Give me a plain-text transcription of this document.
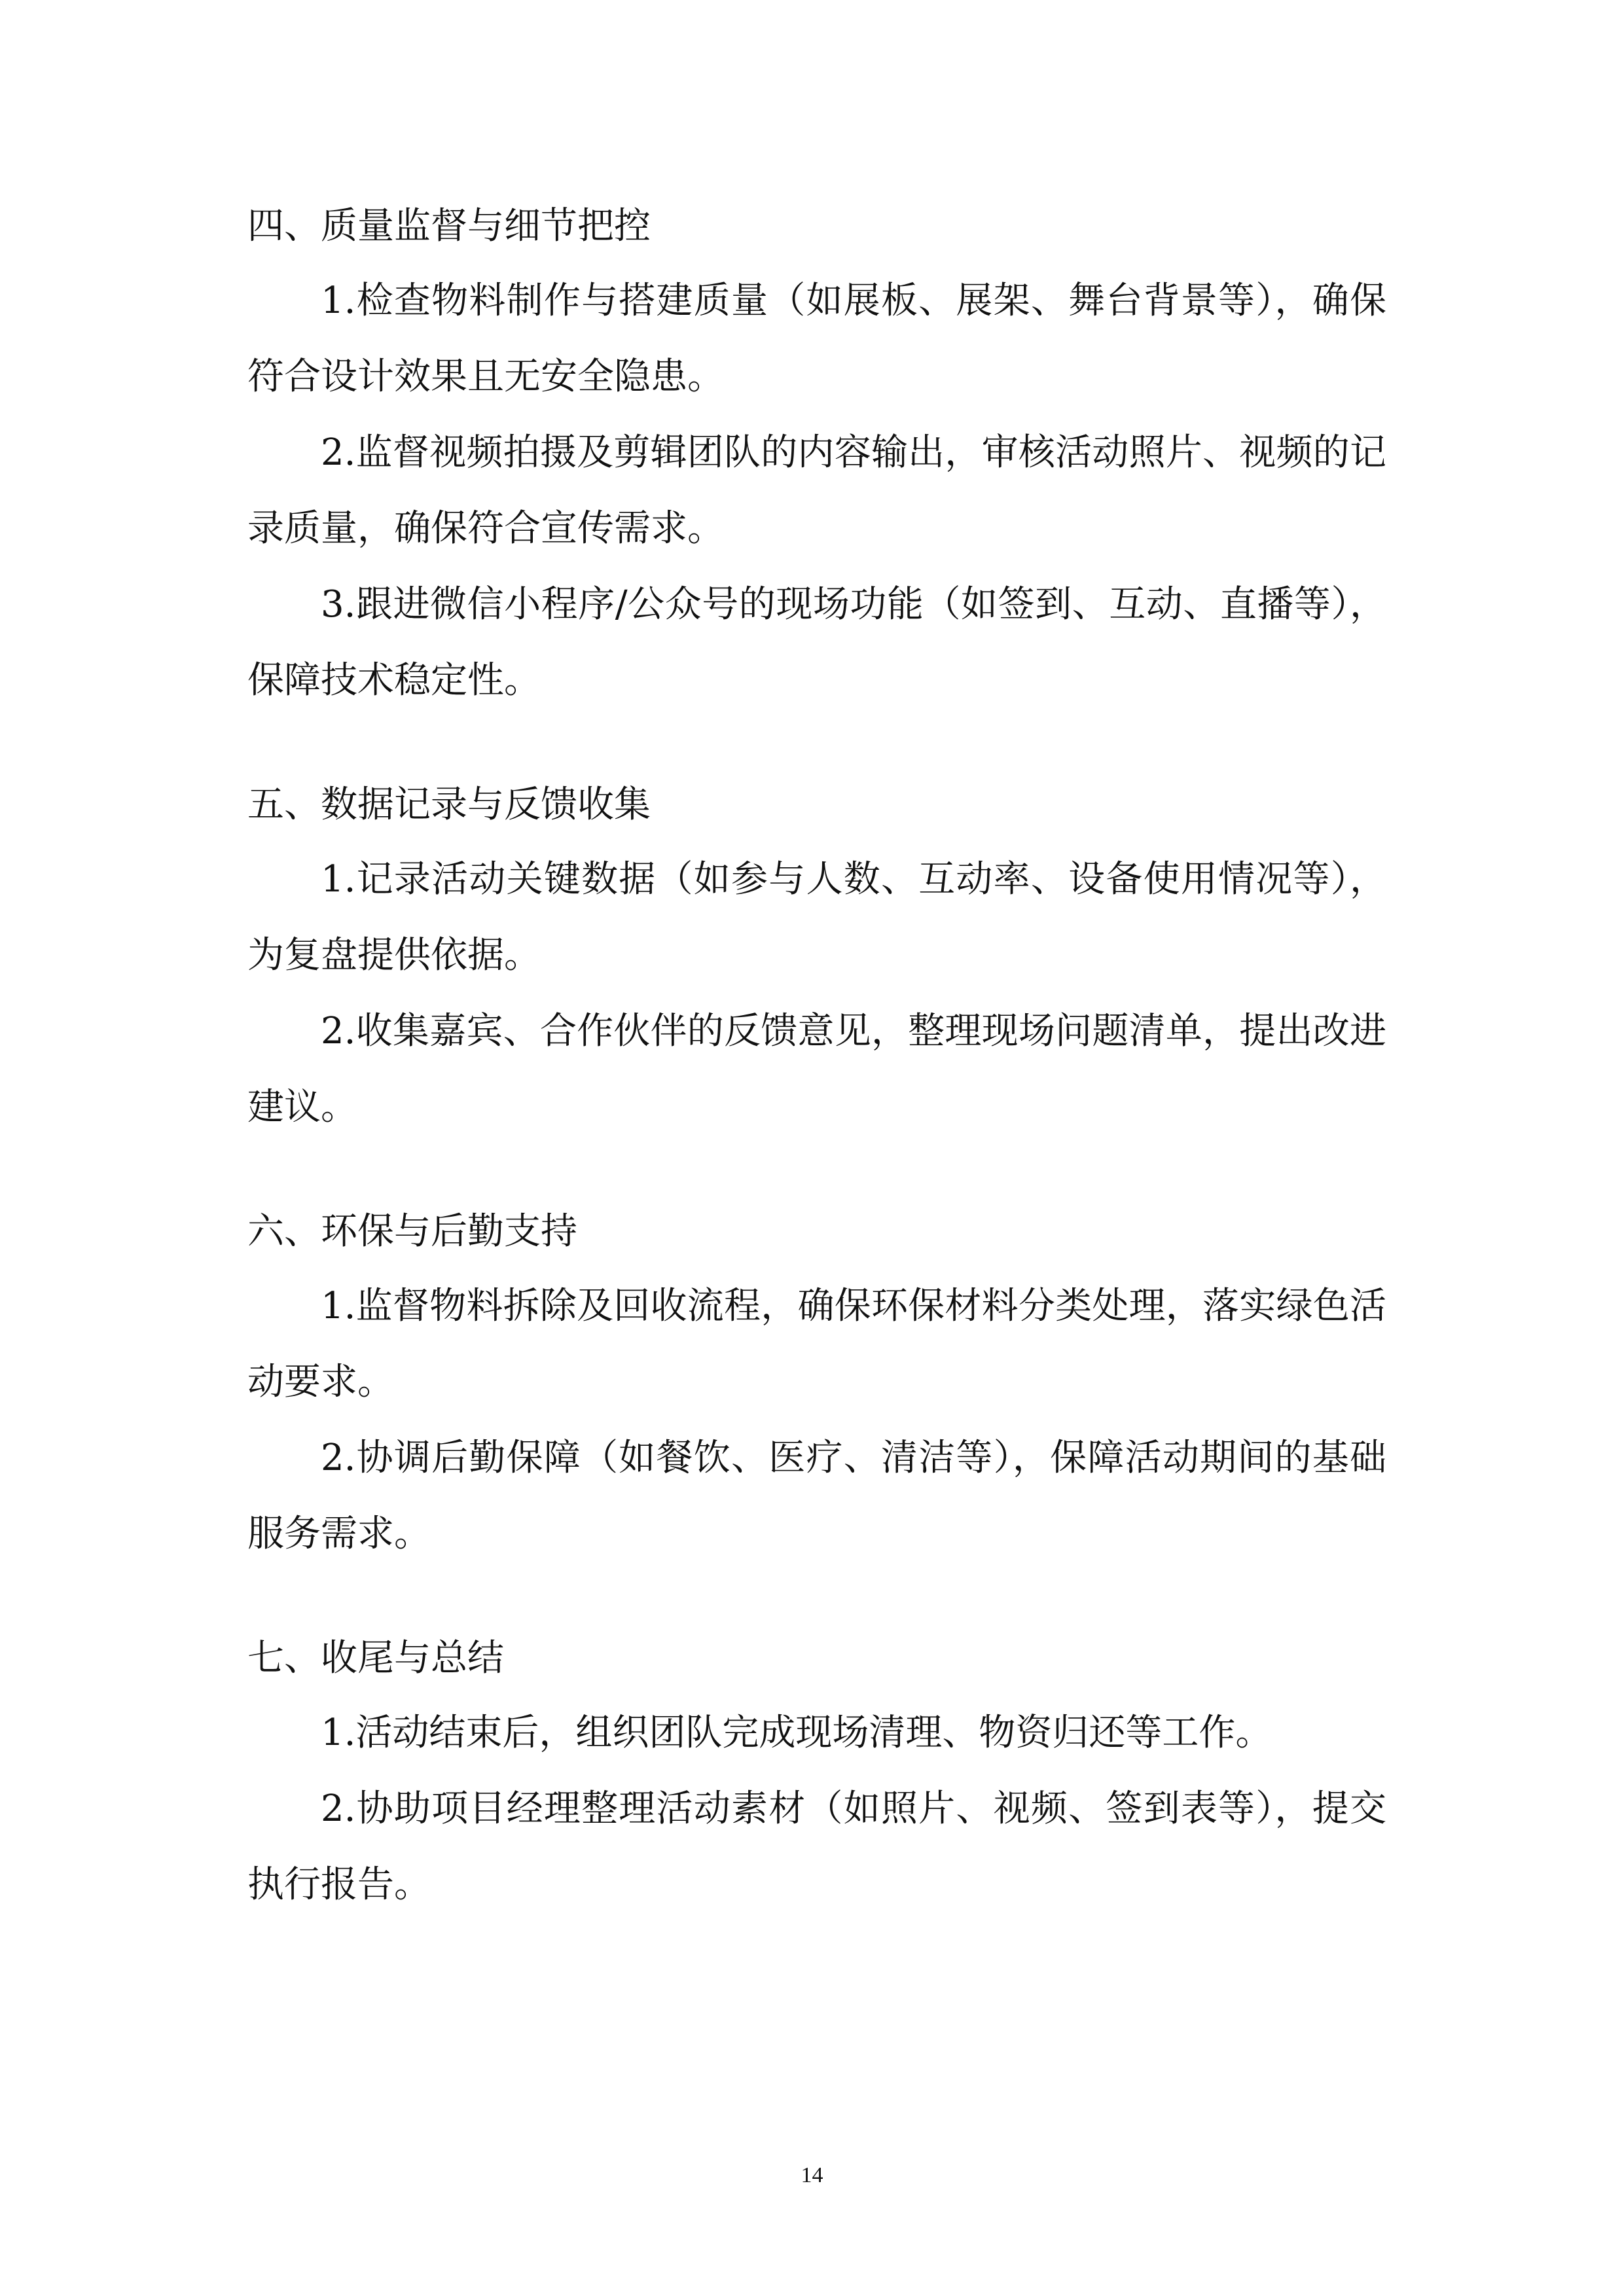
四、质量监督与细节把控

1.检查物料制作与搭建质量（如展板、展架、舞台背景等），确保符合设计效果且无安全隐患。

2.监督视频拍摄及剪辑团队的内容输出，审核活动照片、视频的记录质量，确保符合宣传需求。

3.跟进微信小程序/公众号的现场功能（如签到、互动、直播等），保障技术稳定性。

五、数据记录与反馈收集

1.记录活动关键数据（如参与人数、互动率、设备使用情况等），为复盘提供依据。

2.收集嘉宾、合作伙伴的反馈意见，整理现场问题清单，提出改进建议。

六、环保与后勤支持

1.监督物料拆除及回收流程，确保环保材料分类处理，落实绿色活动要求。

2.协调后勤保障（如餐饮、医疗、清洁等），保障活动期间的基础服务需求。

七、收尾与总结

1.活动结束后，组织团队完成现场清理、物资归还等工作。

2.协助项目经理整理活动素材（如照片、视频、签到表等），提交执行报告。

14
